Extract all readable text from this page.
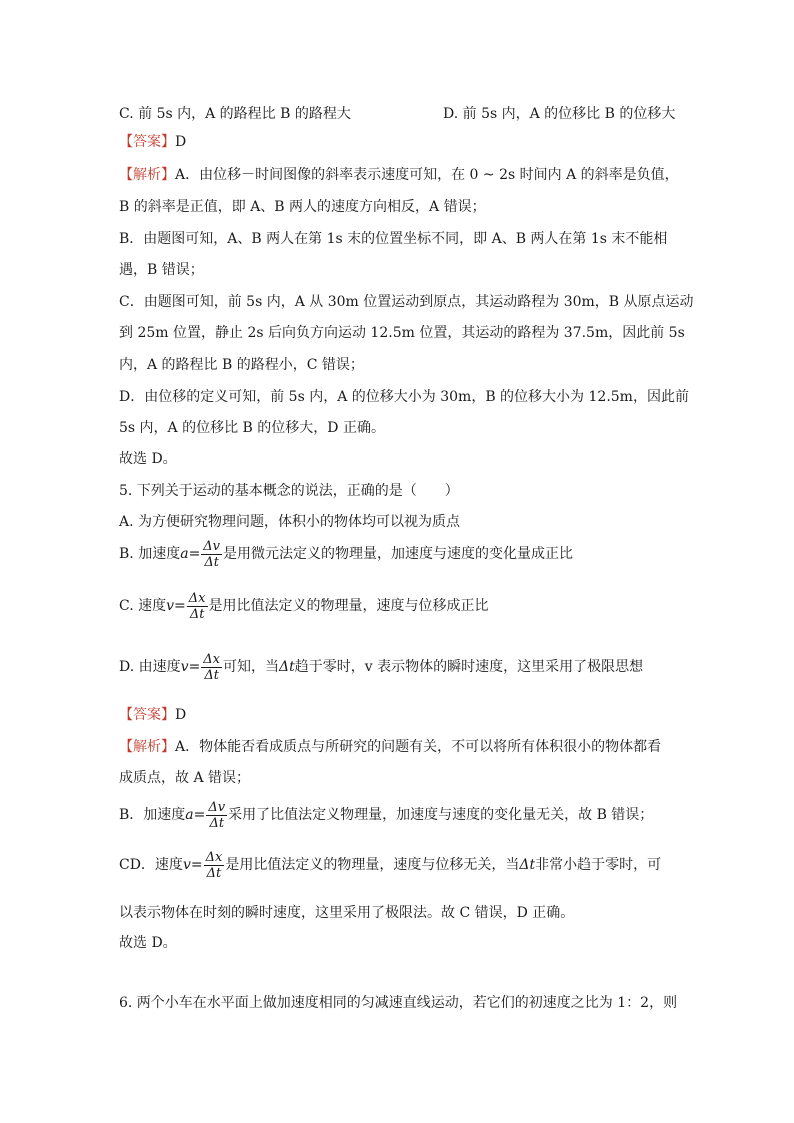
C. 前 5s 内，A 的路程比 B 的路程大	D. 前 5s 内，A 的位移比 B 的位移大
【答案】D
【解析】A．由位移－时间图像的斜率表示速度可知，在 0 ~ 2s 时间内 A 的斜率是负值，
B 的斜率是正值，即 A、B 两人的速度方向相反，A 错误；
B．由题图可知，A、B 两人在第 1s 末的位置坐标不同，即 A、B 两人在第 1s 末不能相
遇，B 错误；
C．由题图可知，前 5s 内，A 从 30m 位置运动到原点，其运动路程为 30m，B 从原点运动
到 25m 位置，静止 2s 后向负方向运动 12.5m 位置，其运动的路程为 37.5m，因此前 5s
内，A 的路程比 B 的路程小，C 错误；
D．由位移的定义可知，前 5s 内，A 的位移大小为 30m，B 的位移大小为 12.5m，因此前
5s 内，A 的位移比 B 的位移大，D 正确。
故选 D。
5. 下列关于运动的基本概念的说法，正确的是（　　）
A. 为方便研究物理问题，体积小的物体均可以视为质点
B. 加速度$a= \frac{\Delta v}{\Delta t}$ 是用微元法定义的物理量，加速度与速度的变化量成正比
C. 速度$v= \frac{\Delta x}{\Delta t}$ 是用比值法定义的物理量，速度与位移成正比
D. 由速度$v= \frac{\Delta x}{\Delta t}$ 可知，当Δt趋于零时，v 表示物体的瞬时速度，这里采用了极限思想
【答案】D
【解析】A．物体能否看成质点与所研究的问题有关，不可以将所有体积很小的物体都看
成质点，故 A 错误；
B．加速度$a= \frac{\Delta v}{\Delta t}$ 采用了比值法定义物理量，加速度与速度的变化量无关，故 B 错误；
CD．速度$v= \frac{\Delta x}{\Delta t}$ 是用比值法定义的物理量，速度与位移无关，当Δt非常小趋于零时，可
以表示物体在时刻的瞬时速度，这里采用了极限法。故 C 错误，D 正确。
故选 D。
6. 两个小车在水平面上做加速度相同的匀减速直线运动，若它们的初速度之比为 1：2，则
